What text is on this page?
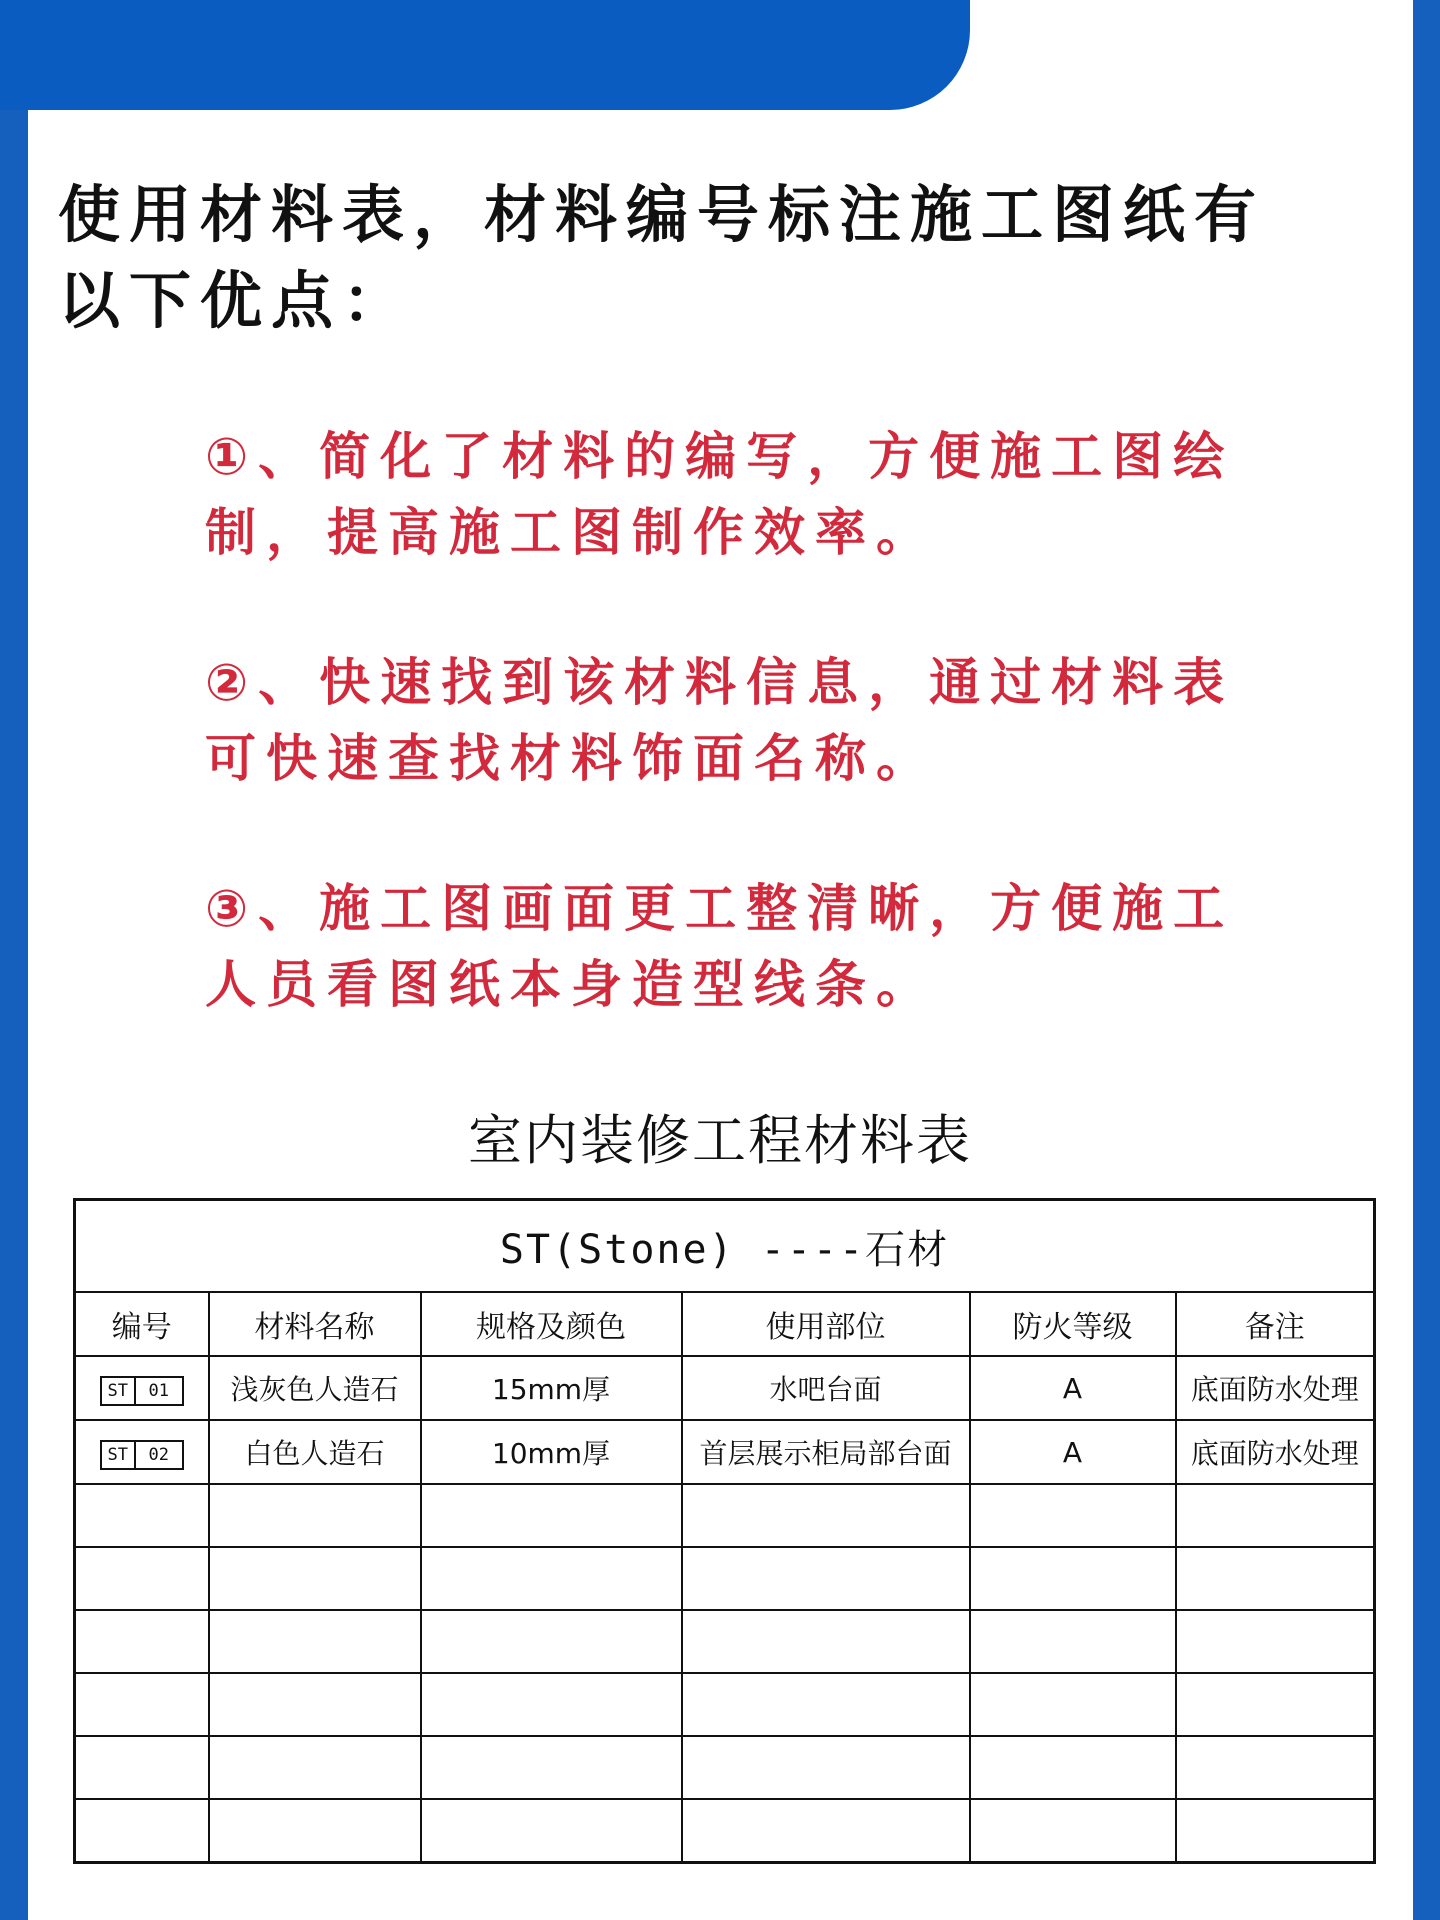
使用材料表，材料编号标注施工图纸有以下优点：
①、简化了材料的编写，方便施工图绘制，提高施工图制作效率。
②、快速找到该材料信息，通过材料表可快速查找材料饰面名称。
③、施工图画面更工整清晰，方便施工人员看图纸本身造型线条。
室内装修工程材料表
ST(Stone) ----石材					
编号	材料名称	规格及颜色	使用部位	防火等级	备注

ST 01	浅灰色人造石	15mm厚	水吧台面	A	底面防水处理

ST 02	白色人造石	10mm厚	首层展示柜局部台面	A	底面防水处理
